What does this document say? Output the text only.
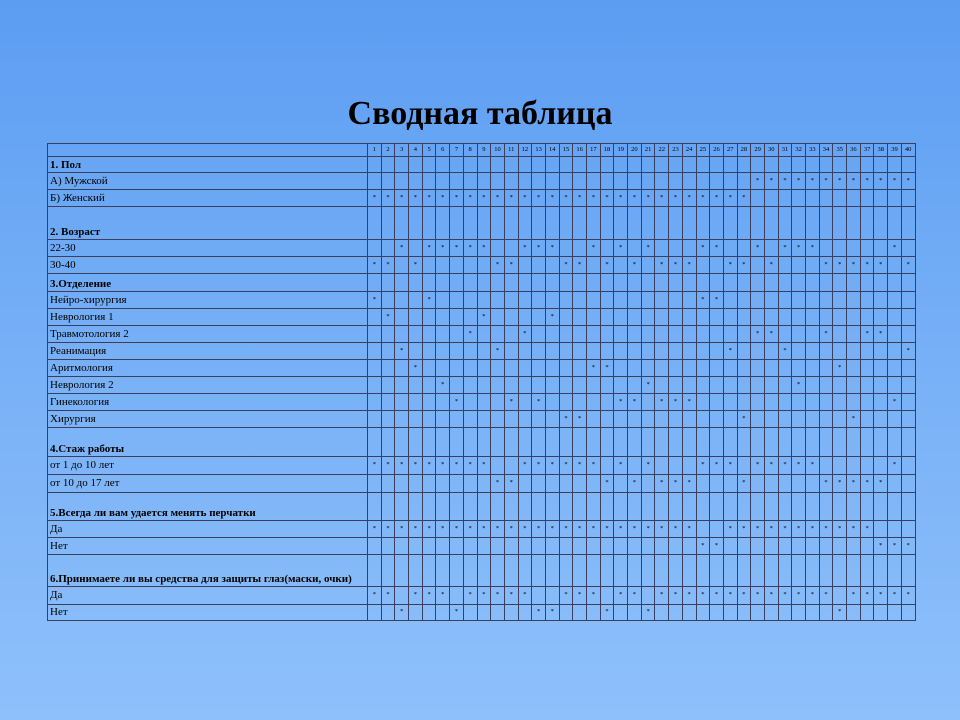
Сводная таблица
	1	2	3	4	5	6	7	8	9	10	11	12	13	14	15	16	17	18	19	20	21	22	23	24	25	26	27	28	29	30	31	32	33	34	35	36	37	38	39	40
1. Пол																																								
А) Мужской																													*	*	*	*	*	*	*	*	*	*	*	*
Б) Женский	*	*	*	*	*	*	*	*	*	*	*	*	*	*	*	*	*	*	*	*	*	*	*	*	*	*	*	*												
2. Возраст																																								
22-30			*		*	*	*	*	*			*	*	*			*		*		*				*	*			*		*	*	*						*	
30-40	*	*		*						*	*				*	*		*		*		*	*	*			*	*		*				*	*	*	*	*		*
3.Отделение																																								
Нейро-хирургия	*				*																				*	*														
Неврология 1		*							*					*																										
Травмотология 2								*				*																	*	*				*			*	*		
Реанимация			*							*																	*				*									*
Аритмология				*													*	*																	*					
Неврология 2						*															*											*								
Гинекология							*				*		*						*	*		*	*	*															*	
Хирургия															*	*												*								*				
4.Стаж работы																																								
от 1 до 10 лет	*	*	*	*	*	*	*	*	*			*	*	*	*	*	*		*		*				*	*	*		*	*	*	*	*						*	
от 10 до 17 лет										*	*							*		*		*	*	*				*						*	*	*	*	*		
5.Всегда ли вам удается менять перчатки																																								
Да	*	*	*	*	*	*	*	*	*	*	*	*	*	*	*	*	*	*	*	*	*	*	*	*			*	*	*	*	*	*	*	*	*	*	*			
Нет																									*	*												*	*	*
6.Принимаете ли вы средства для защиты глаз(маски, очки)																																								
Да	*	*		*	*	*		*	*	*	*	*			*	*	*		*	*		*	*	*	*	*	*	*	*	*	*	*	*	*		*	*	*	*	*
Нет			*				*						*	*				*			*														*					
